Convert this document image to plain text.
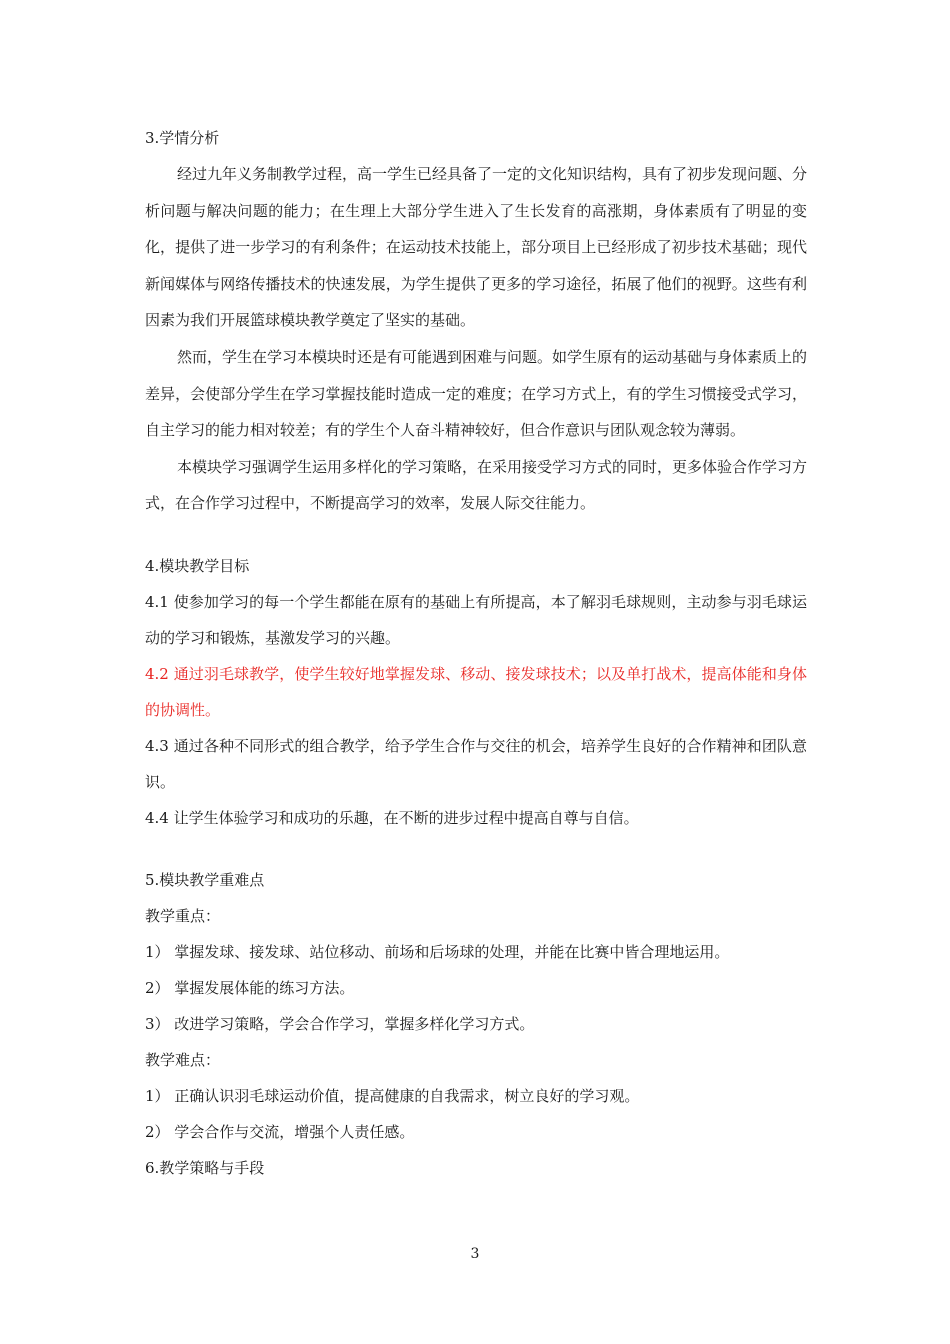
3.学情分析

经过九年义务制教学过程，高一学生已经具备了一定的文化知识结构，具有了初步发现问题、分析问题与解决问题的能力；在生理上大部分学生进入了生长发育的高涨期，身体素质有了明显的变化，提供了进一步学习的有利条件；在运动技术技能上，部分项目上已经形成了初步技术基础；现代新闻媒体与网络传播技术的快速发展，为学生提供了更多的学习途径，拓展了他们的视野。这些有利因素为我们开展篮球模块教学奠定了坚实的基础。

然而，学生在学习本模块时还是有可能遇到困难与问题。如学生原有的运动基础与身体素质上的差异，会使部分学生在学习掌握技能时造成一定的难度；在学习方式上，有的学生习惯接受式学习，自主学习的能力相对较差；有的学生个人奋斗精神较好，但合作意识与团队观念较为薄弱。

本模块学习强调学生运用多样化的学习策略，在采用接受学习方式的同时，更多体验合作学习方式，在合作学习过程中，不断提高学习的效率，发展人际交往能力。

4.模块教学目标

4.1 使参加学习的每一个学生都能在原有的基础上有所提高，本了解羽毛球规则，主动参与羽毛球运动的学习和锻炼，基激发学习的兴趣。

4.2 通过羽毛球教学，使学生较好地掌握发球、移动、接发球技术；以及单打战术，提高体能和身体的协调性。

4.3 通过各种不同形式的组合教学，给予学生合作与交往的机会，培养学生良好的合作精神和团队意识。

4.4 让学生体验学习和成功的乐趣，在不断的进步过程中提高自尊与自信。

5.模块教学重难点
教学重点：
1） 掌握发球、接发球、站位移动、前场和后场球的处理，并能在比赛中皆合理地运用。
2） 掌握发展体能的练习方法。
3） 改进学习策略，学会合作学习，掌握多样化学习方式。
教学难点：
1） 正确认识羽毛球运动价值，提高健康的自我需求，树立良好的学习观。
2） 学会合作与交流，增强个人责任感。
6.教学策略与手段
3
